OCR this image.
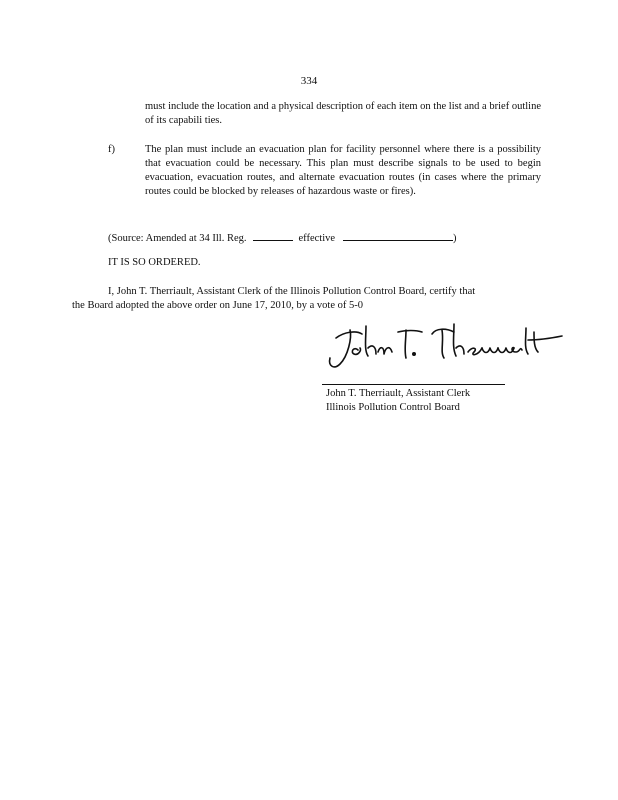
334
must include the location and a physical description of each item on the list and a brief outline of its capabili ties.
f)	The plan must include an evacuation plan for facility personnel where there is a possibility that evacuation could be necessary. This plan must describe signals to be used to begin evacuation, evacuation routes, and alternate evacuation routes (in cases where the primary routes could be blocked by releases of hazardous waste or fires).
(Source: Amended at 34 Ill. Reg.	effective	)
IT IS SO ORDERED.

I, John T. Therriault, Assistant Clerk of the Illinois Pollution Control Board, certify that

the Board adopted the above order on June 17, 2010, by a vote of 5-0

John T. Therriault, Assistant Clerk
Illinois Pollution Control Board
